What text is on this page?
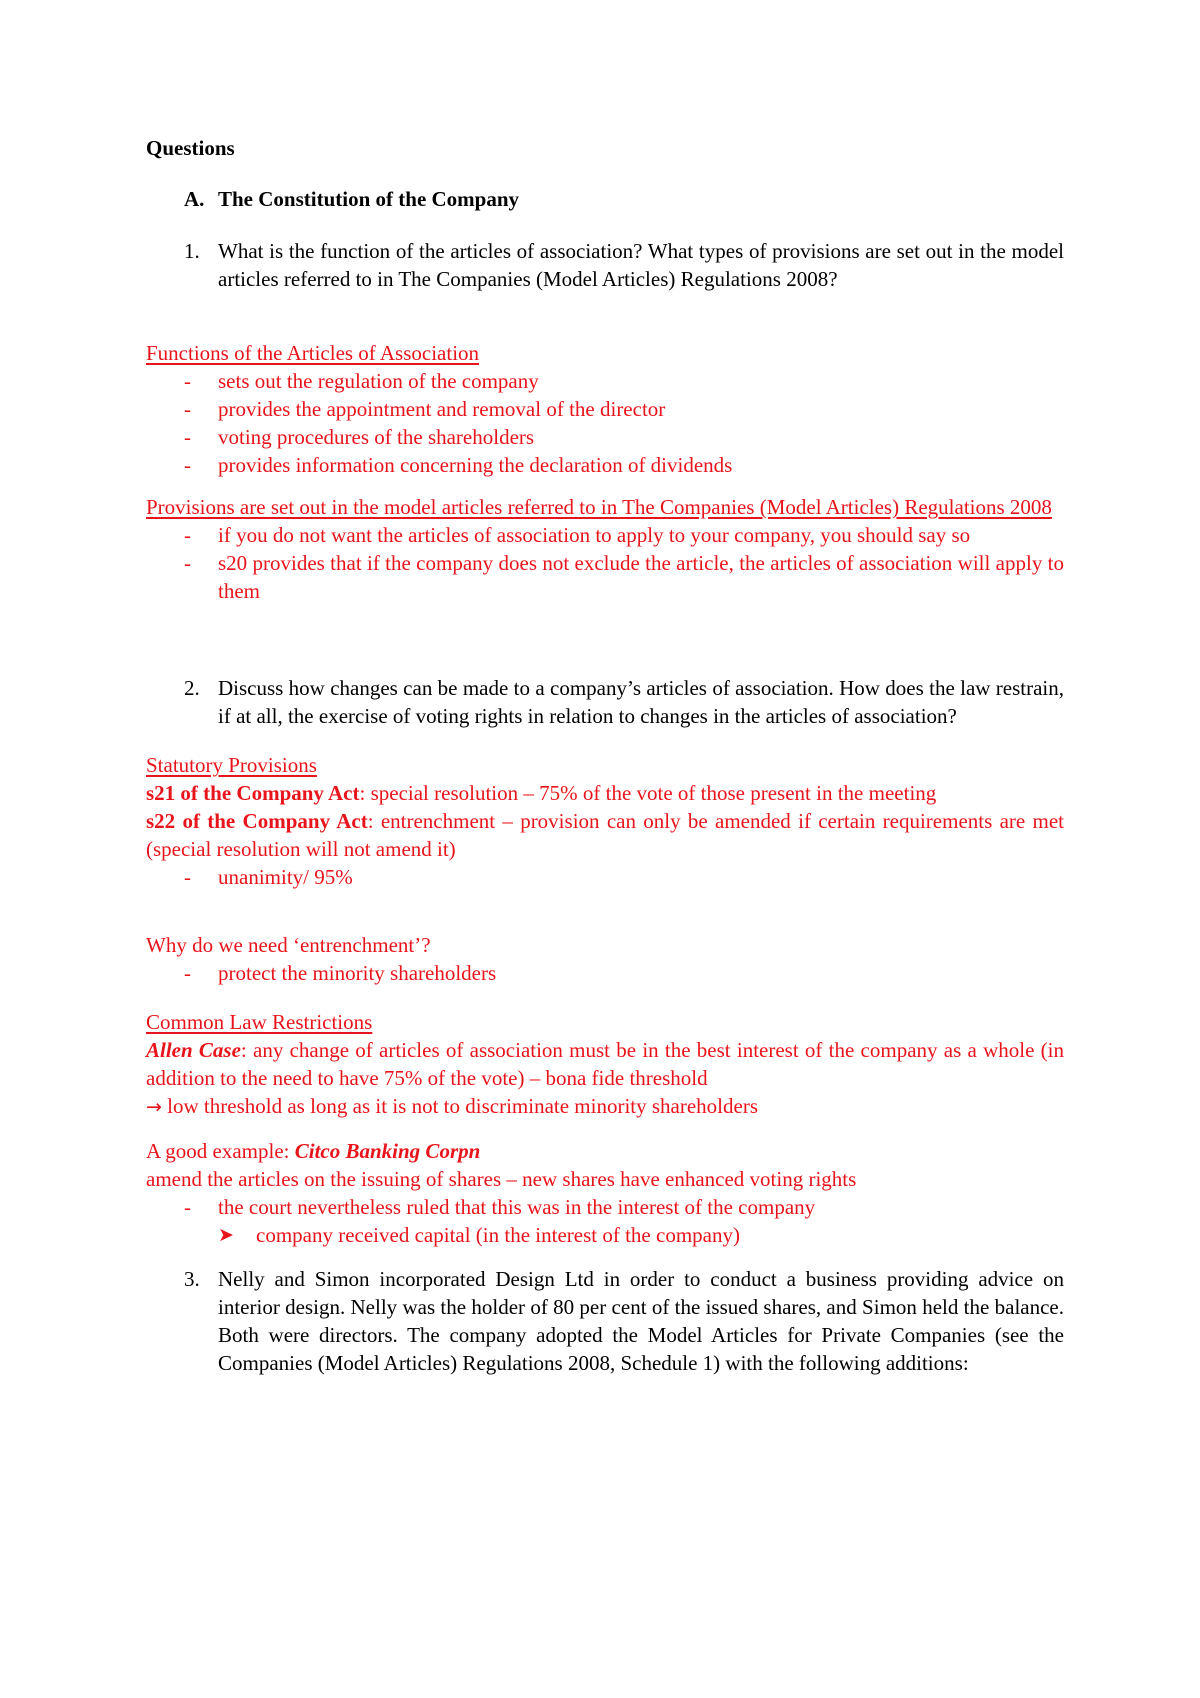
Questions
A. The Constitution of the Company
1. What is the function of the articles of association? What types of provisions are set out in the model articles referred to in The Companies (Model Articles) Regulations 2008?
Functions of the Articles of Association
- sets out the regulation of the company
- provides the appointment and removal of the director
- voting procedures of the shareholders
- provides information concerning the declaration of dividends
Provisions are set out in the model articles referred to in The Companies (Model Articles) Regulations 2008
- if you do not want the articles of association to apply to your company, you should say so
- s20 provides that if the company does not exclude the article, the articles of association will apply to them
2. Discuss how changes can be made to a company’s articles of association. How does the law restrain, if at all, the exercise of voting rights in relation to changes in the articles of association?
Statutory Provisions
s21 of the Company Act: special resolution – 75% of the vote of those present in the meeting
s22 of the Company Act: entrenchment – provision can only be amended if certain requirements are met (special resolution will not amend it)
- unanimity/ 95%
Why do we need ‘entrenchment’?
- protect the minority shareholders
Common Law Restrictions
Allen Case: any change of articles of association must be in the best interest of the company as a whole (in addition to the need to have 75% of the vote) – bona fide threshold
→ low threshold as long as it is not to discriminate minority shareholders
A good example: Citco Banking Corpn
amend the articles on the issuing of shares – new shares have enhanced voting rights
- the court nevertheless ruled that this was in the interest of the company
➤ company received capital (in the interest of the company)
3. Nelly and Simon incorporated Design Ltd in order to conduct a business providing advice on interior design. Nelly was the holder of 80 per cent of the issued shares, and Simon held the balance. Both were directors. The company adopted the Model Articles for Private Companies (see the Companies (Model Articles) Regulations 2008, Schedule 1) with the following additions:
